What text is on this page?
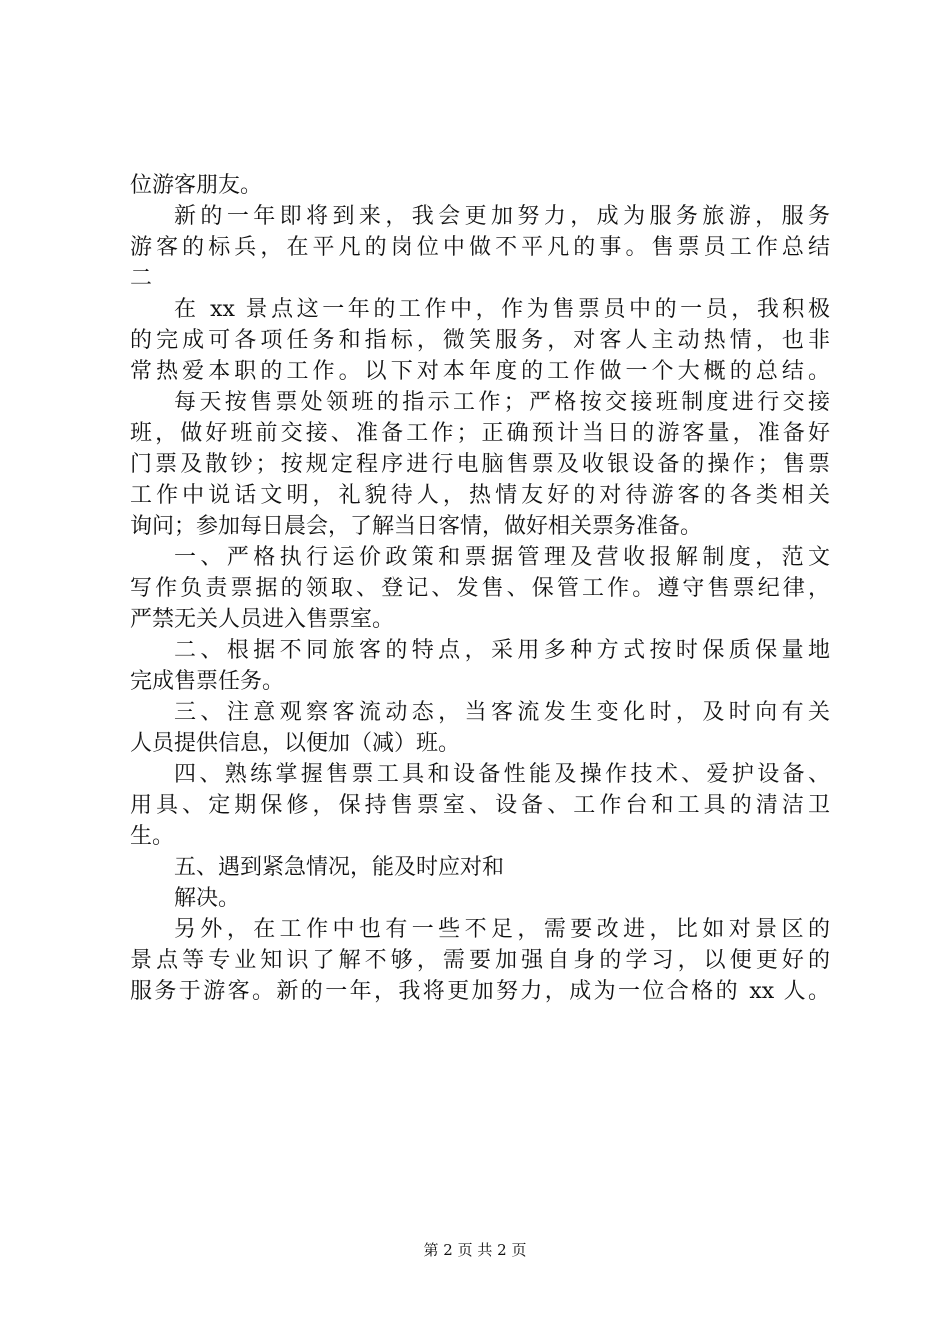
位游客朋友。
新的一年即将到来，我会更加努力，成为服务旅游，服务
游客的标兵，在平凡的岗位中做不平凡的事。售票员工作总结
二
在 xx 景点这一年的工作中，作为售票员中的一员，我积极
的完成可各项任务和指标，微笑服务，对客人主动热情，也非
常热爱本职的工作。以下对本年度的工作做一个大概的总结。
每天按售票处领班的指示工作；严格按交接班制度进行交接
班，做好班前交接、准备工作；正确预计当日的游客量，准备好
门票及散钞；按规定程序进行电脑售票及收银设备的操作；售票
工作中说话文明，礼貌待人，热情友好的对待游客的各类相关
询问；参加每日晨会，了解当日客情，做好相关票务准备。
一、严格执行运价政策和票据管理及营收报解制度，范文
写作负责票据的领取、登记、发售、保管工作。遵守售票纪律，
严禁无关人员进入售票室。
二、根据不同旅客的特点，采用多种方式按时保质保量地
完成售票任务。
三、注意观察客流动态，当客流发生变化时，及时向有关
人员提供信息，以便加（减）班。
四、熟练掌握售票工具和设备性能及操作技术、爱护设备、
用具、定期保修，保持售票室、设备、工作台和工具的清洁卫
生。
五、遇到紧急情况，能及时应对和
解决。
另外，在工作中也有一些不足，需要改进，比如对景区的
景点等专业知识了解不够，需要加强自身的学习，以便更好的
服务于游客。新的一年，我将更加努力，成为一位合格的 xx 人。
第 2 页 共 2 页
